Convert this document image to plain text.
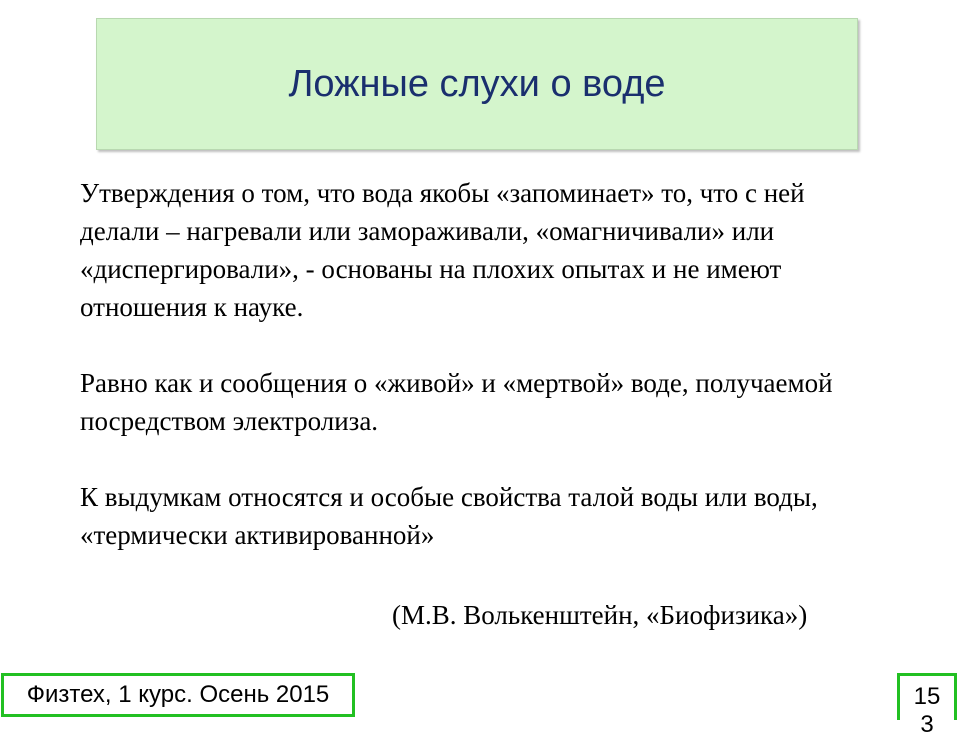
Ложные слухи о воде

Утверждения о том, что вода якобы «запоминает» то, что с ней делали – нагревали или замораживали, «омагничивали» или «диспергировали», - основаны на плохих опытах и не имеют отношения к науке.

Равно как и сообщения о «живой» и «мертвой» воде, получаемой посредством электролиза.

К выдумкам относятся и особые свойства талой воды или воды, «термически активированной»

(М.В. Волькенштейн, «Биофизика»)
Физтех, 1 курс. Осень 2015	15
3
